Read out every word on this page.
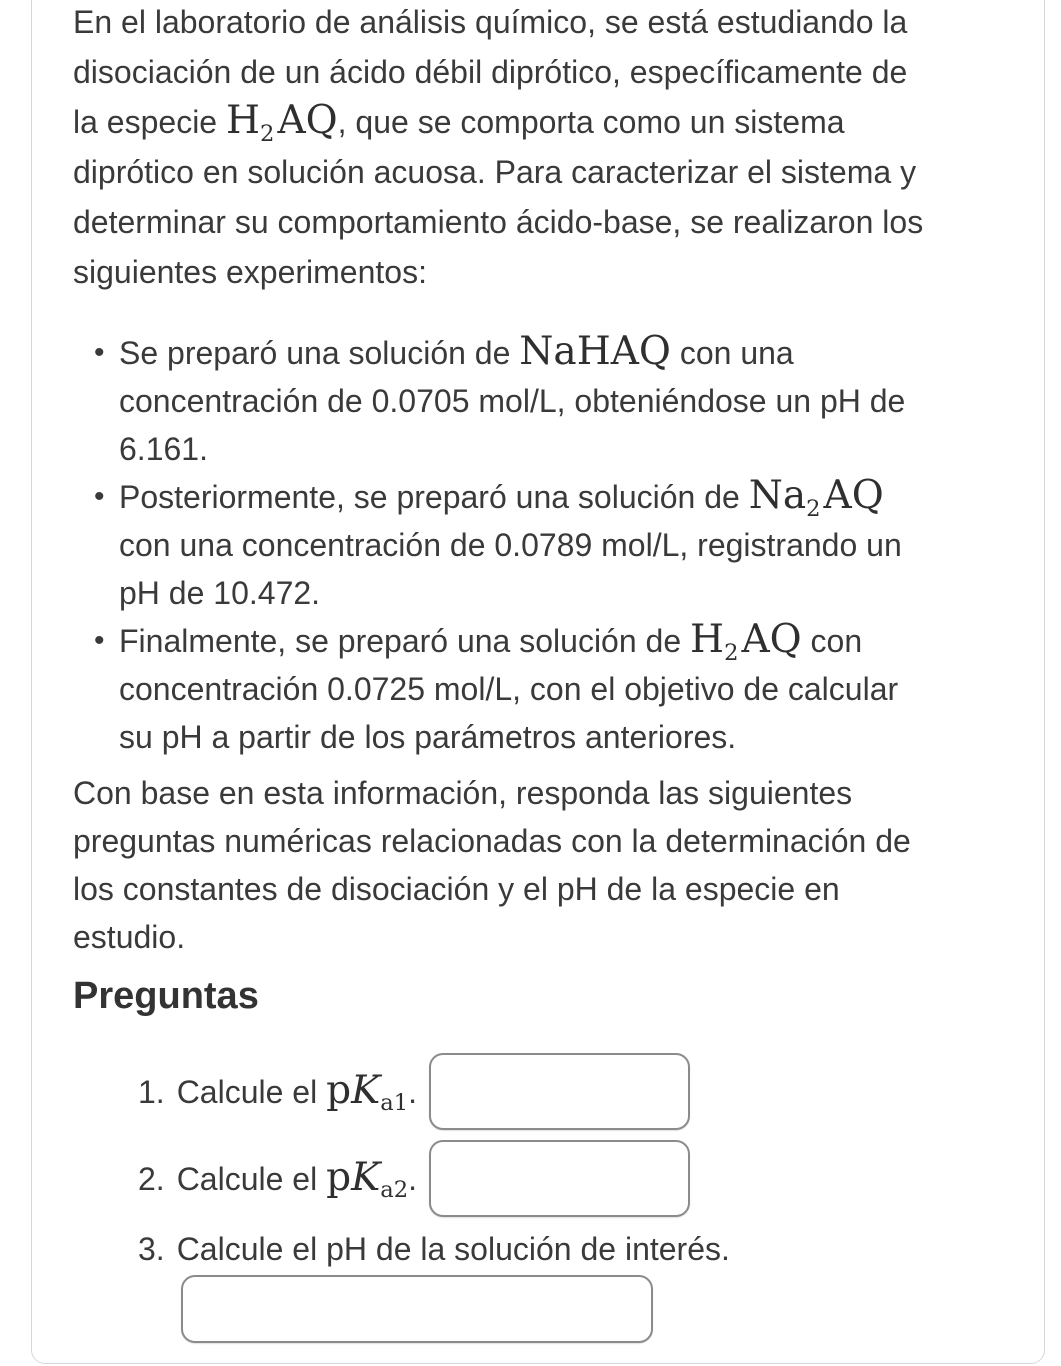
En el laboratorio de análisis químico, se está estudiando la
disociación de un ácido débil diprótico, específicamente de
la especie H2AQ, que se comporta como un sistema
diprótico en solución acuosa. Para caracterizar el sistema y
determinar su comportamiento ácido-base, se realizaron los
siguientes experimentos:

• Se preparó una solución de NaHAQ con una
concentración de 0.0705 mol/L, obteniéndose un pH de
6.161.
• Posteriormente, se preparó una solución de Na2AQ
con una concentración de 0.0789 mol/L, registrando un
pH de 10.472.
• Finalmente, se preparó una solución de H2AQ con
concentración 0.0725 mol/L, con el objetivo de calcular
su pH a partir de los parámetros anteriores.

Con base en esta información, responda las siguientes
preguntas numéricas relacionadas con la determinación de
los constantes de disociación y el pH de la especie en
estudio.

Preguntas
1. Calcule el pKa1.
2. Calcule el pKa2.
3. Calcule el pH de la solución de interés.
